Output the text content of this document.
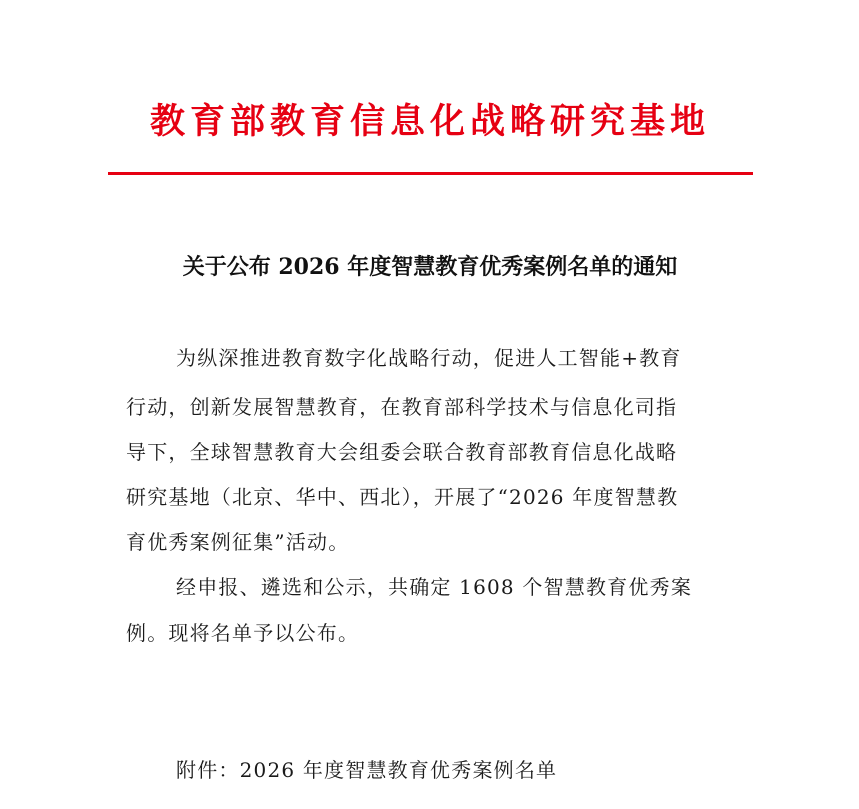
教育部教育信息化战略研究基地
关于公布 2026 年度智慧教育优秀案例名单的通知
为纵深推进教育数字化战略行动，促进人工智能+教育
行动，创新发展智慧教育，在教育部科学技术与信息化司指
导下，全球智慧教育大会组委会联合教育部教育信息化战略
研究基地（北京、华中、西北），开展了“2026 年度智慧教
育优秀案例征集”活动。
经申报、遴选和公示，共确定 1608 个智慧教育优秀案
例。现将名单予以公布。
附件：2026 年度智慧教育优秀案例名单
